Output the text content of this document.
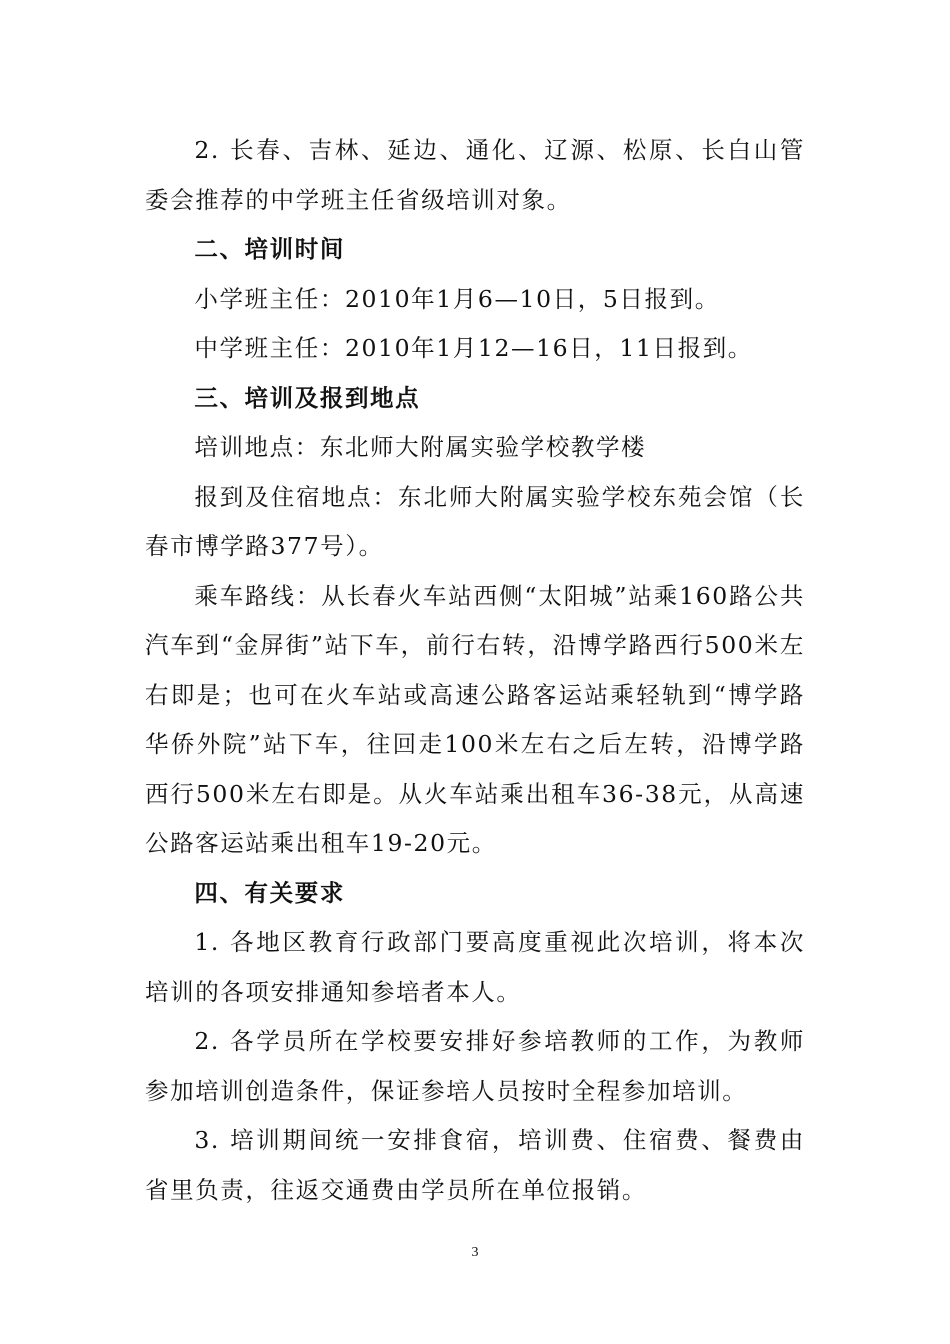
2. 长春、吉林、延边、通化、辽源、松原、长白山管委会推荐的中学班主任省级培训对象。

二、培训时间

小学班主任：2010年1月6—10日，5日报到。

中学班主任：2010年1月12—16日，11日报到。

三、培训及报到地点

培训地点：东北师大附属实验学校教学楼

报到及住宿地点：东北师大附属实验学校东苑会馆（长春市博学路377号）。

乘车路线：从长春火车站西侧“太阳城”站乘160路公共汽车到“金屏街”站下车，前行右转，沿博学路西行500米左右即是；也可在火车站或高速公路客运站乘轻轨到“博学路华侨外院”站下车，往回走100米左右之后左转，沿博学路西行500米左右即是。从火车站乘出租车36-38元，从高速公路客运站乘出租车19-20元。

四、有关要求

1. 各地区教育行政部门要高度重视此次培训，将本次培训的各项安排通知参培者本人。

2. 各学员所在学校要安排好参培教师的工作，为教师参加培训创造条件，保证参培人员按时全程参加培训。

3. 培训期间统一安排食宿，培训费、住宿费、餐费由省里负责，往返交通费由学员所在单位报销。

3
